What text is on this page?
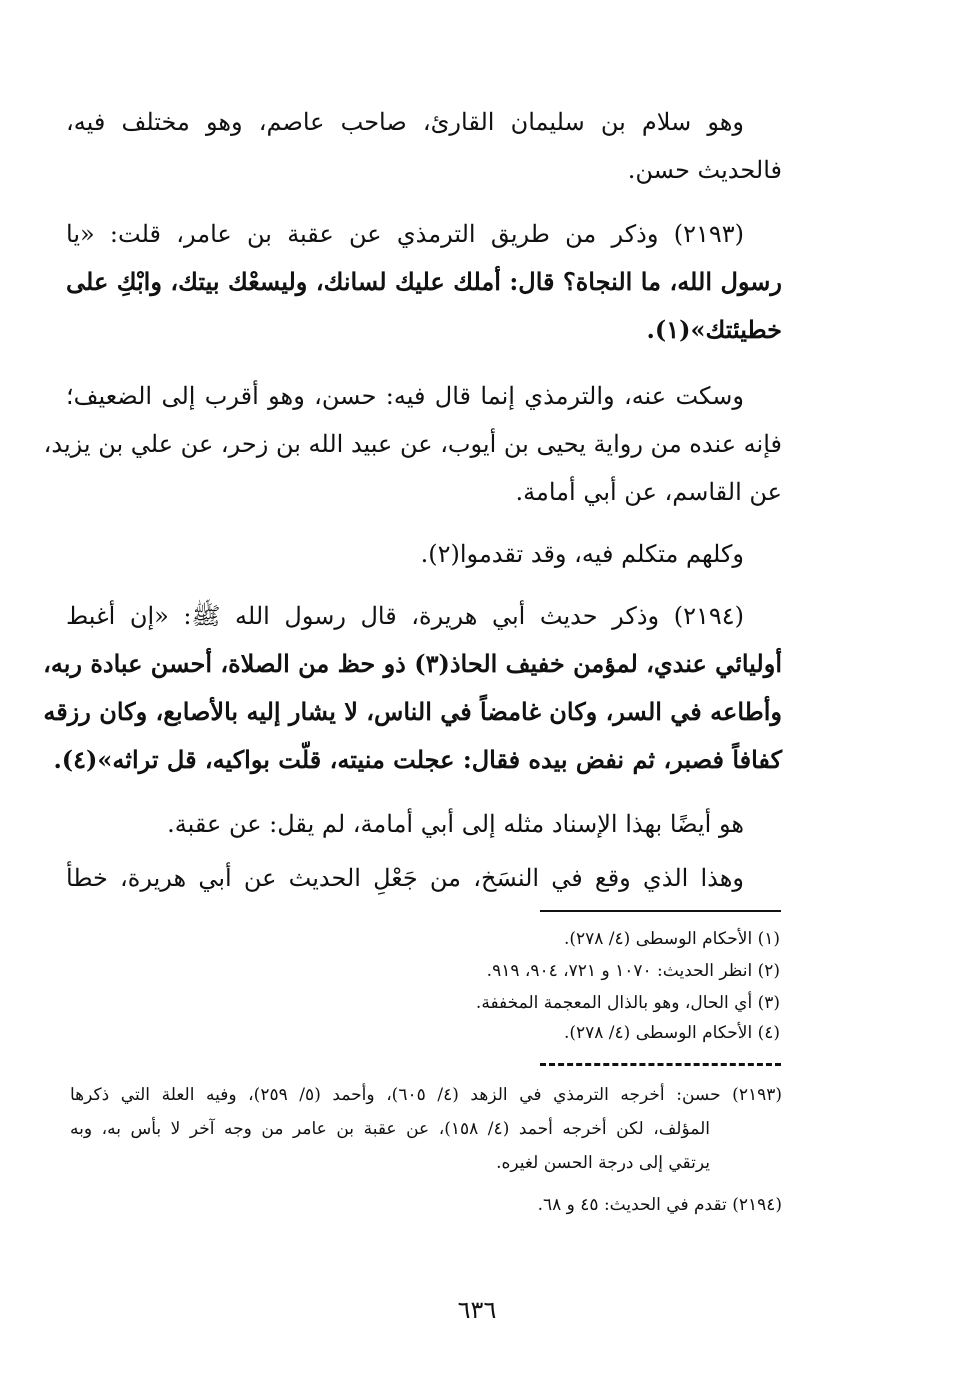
وهو سلام بن سليمان القارئ، صاحب عاصم، وهو مختلف فيه،
فالحديث حسن.
(٢١٩٣) وذكر من طريق الترمذي عن عقبة بن عامر، قلت: «يا
رسول الله، ما النجاة؟ قال: أملك عليك لسانك، وليسعْك بيتك، وابْكِ على
خطيئتك»(١).
وسكت عنه، والترمذي إنما قال فيه: حسن، وهو أقرب إلى الضعيف؛
فإنه عنده من رواية يحيى بن أيوب، عن عبيد الله بن زحر، عن علي بن يزيد،
عن القاسم، عن أبي أمامة.
وكلهم متكلم فيه، وقد تقدموا(٢).
(٢١٩٤) وذكر حديث أبي هريرة، قال رسول الله ﷺ: «إن أغبط
أوليائي عندي، لمؤمن خفيف الحاذ(٣) ذو حظ من الصلاة، أحسن عبادة ربه،
وأطاعه في السر، وكان غامضاً في الناس، لا يشار إليه بالأصابع، وكان رزقه
كفافاً فصبر، ثم نفض بيده فقال: عجلت منيته، قلّت بواكيه، قل تراثه»(٤).
هو أيضًا بهذا الإسناد مثله إلى أبي أمامة، لم يقل: عن عقبة.
وهذا الذي وقع في النسَخ، من جَعْلِ الحديث عن أبي هريرة، خطأ
(١) الأحكام الوسطى (٤/ ٢٧٨).
(٢) انظر الحديث: ١٠٧٠ و ٧٢١، ٩٠٤، ٩١٩.
(٣) أي الحال، وهو بالذال المعجمة المخففة.
(٤) الأحكام الوسطى (٤/ ٢٧٨).
(٢١٩٣) حسن: أخرجه الترمذي في الزهد (٤/ ٦٠٥)، وأحمد (٥/ ٢٥٩)، وفيه العلة التي ذكرها
المؤلف، لكن أخرجه أحمد (٤/ ١٥٨)، عن عقبة بن عامر من وجه آخر لا بأس به، وبه
يرتقي إلى درجة الحسن لغيره.
(٢١٩٤) تقدم في الحديث: ٤٥ و ٦٨.
٦٣٦
